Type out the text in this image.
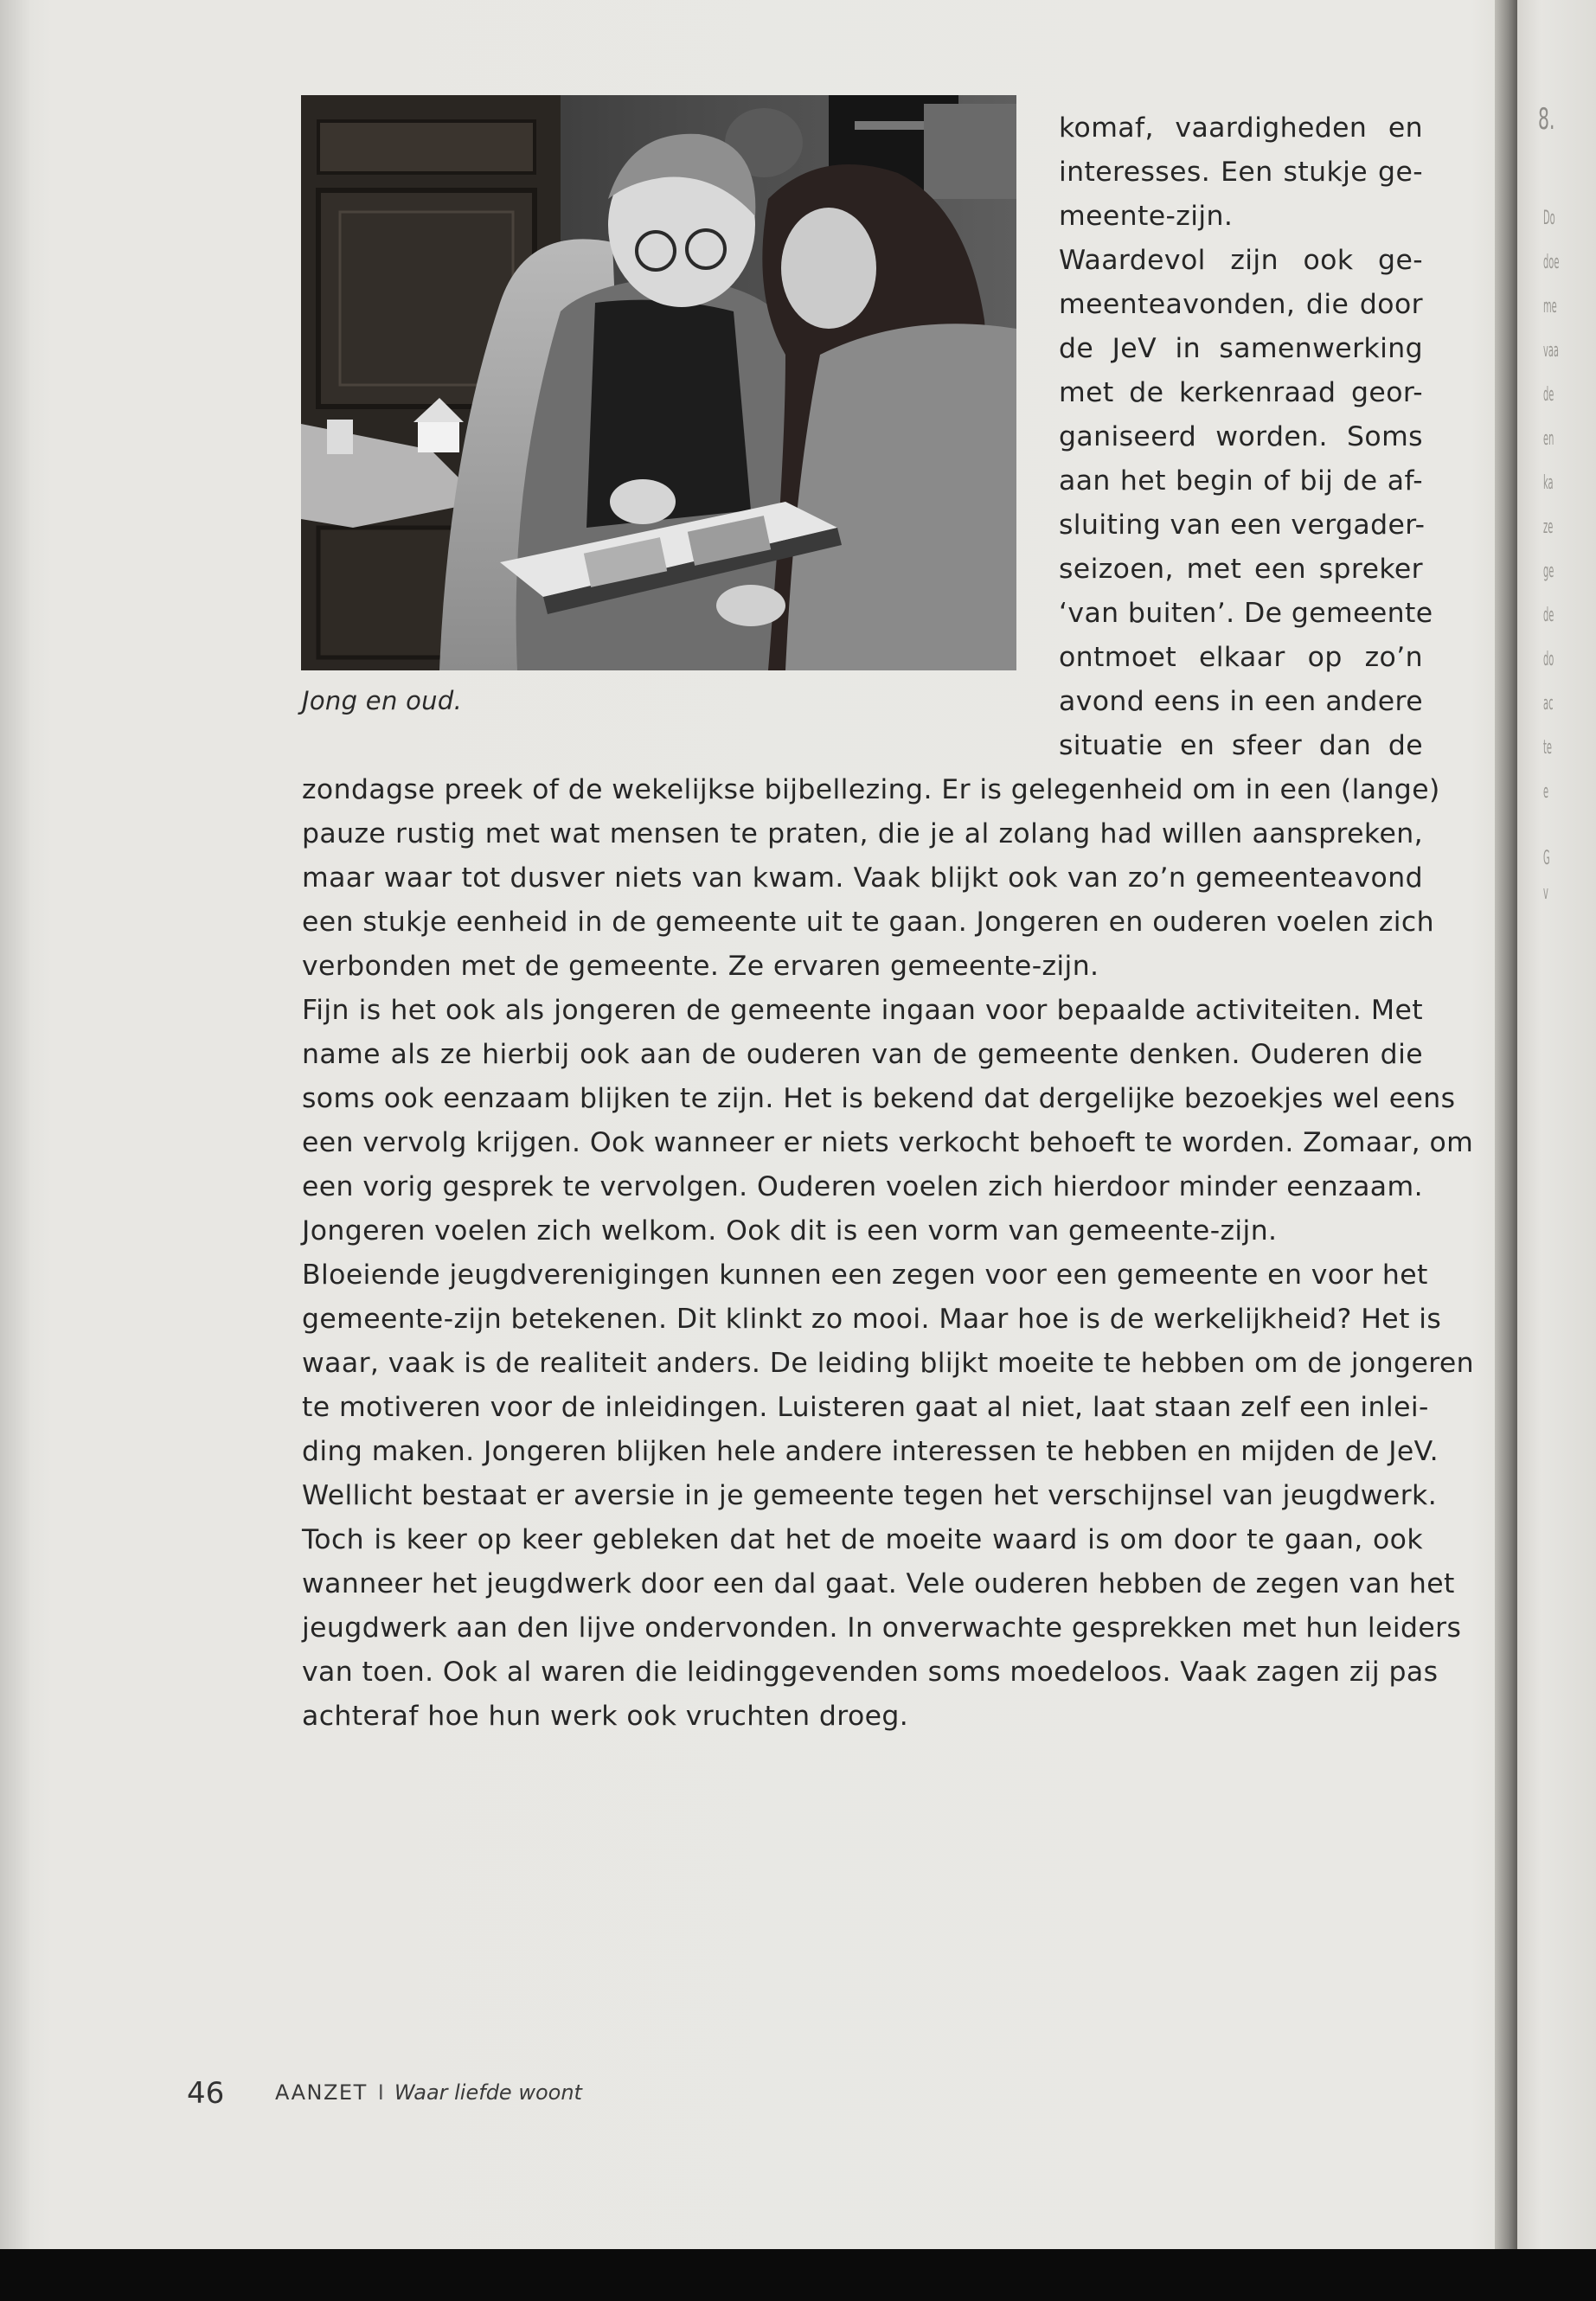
Jong en oud.
komaf, vaardigheden en
interesses. Een stukje ge-
meente-zijn.
Waardevol zijn ook ge-
meenteavonden, die door
de JeV in samenwerking
met de kerkenraad geor-
ganiseerd worden. Soms
aan het begin of bij de af-
sluiting van een vergader-
seizoen, met een spreker
‘van buiten’. De gemeente
ontmoet elkaar op zo’n
avond eens in een andere
situatie en sfeer dan de
zondagse preek of de wekelijkse bijbellezing. Er is gelegenheid om in een (lange)
pauze rustig met wat mensen te praten, die je al zolang had willen aanspreken,
maar waar tot dusver niets van kwam. Vaak blijkt ook van zo’n gemeenteavond
een stukje eenheid in de gemeente uit te gaan. Jongeren en ouderen voelen zich
verbonden met de gemeente. Ze ervaren gemeente-zijn.
Fijn is het ook als jongeren de gemeente ingaan voor bepaalde activiteiten. Met
name als ze hierbij ook aan de ouderen van de gemeente denken. Ouderen die
soms ook eenzaam blijken te zijn. Het is bekend dat dergelijke bezoekjes wel eens
een vervolg krijgen. Ook wanneer er niets verkocht behoeft te worden. Zomaar, om
een vorig gesprek te vervolgen. Ouderen voelen zich hierdoor minder eenzaam.
Jongeren voelen zich welkom. Ook dit is een vorm van gemeente-zijn.
Bloeiende jeugdverenigingen kunnen een zegen voor een gemeente en voor het
gemeente-zijn betekenen. Dit klinkt zo mooi. Maar hoe is de werkelijkheid? Het is
waar, vaak is de realiteit anders. De leiding blijkt moeite te hebben om de jongeren
te motiveren voor de inleidingen. Luisteren gaat al niet, laat staan zelf een inlei-
ding maken. Jongeren blijken hele andere interessen te hebben en mijden de JeV.
Wellicht bestaat er aversie in je gemeente tegen het verschijnsel van jeugdwerk.
Toch is keer op keer gebleken dat het de moeite waard is om door te gaan, ook
wanneer het jeugdwerk door een dal gaat. Vele ouderen hebben de zegen van het
jeugdwerk aan den lijve ondervonden. In onverwachte gesprekken met hun leiders
van toen. Ook al waren die leidinggevenden soms moedeloos. Vaak zagen zij pas
achteraf hoe hun werk ook vruchten droeg.
46 AANZET I Waar liefde woont
8.
Do
doe
me
vaa
de
en
ka
ze
ge
de
do
ac
te
e
G
v
